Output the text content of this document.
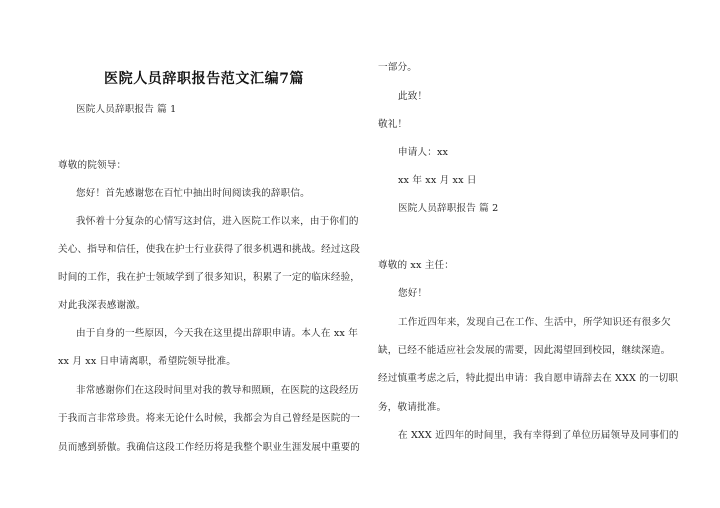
医院人员辞职报告范文汇编7篇
医院人员辞职报告 篇 1
尊敬的院领导：
您好！首先感谢您在百忙中抽出时间阅读我的辞职信。
我怀着十分复杂的心情写这封信，进入医院工作以来，由于你们的
关心、指导和信任，使我在护士行业获得了很多机遇和挑战。经过这段
时间的工作，我在护士领域学到了很多知识，积累了一定的临床经验，
对此我深表感谢激。
由于自身的一些原因，今天我在这里提出辞职申请。本人在 xx 年
xx 月 xx 日申请离职，希望院领导批准。
非常感谢你们在这段时间里对我的教导和照顾，在医院的这段经历
于我而言非常珍贵。将来无论什么时候，我都会为自己曾经是医院的一
员而感到骄傲。我确信这段工作经历将是我整个职业生涯发展中重要的
一部分。
此致！
敬礼！
申请人：xx
xx 年 xx 月 xx 日
医院人员辞职报告 篇 2
尊敬的 xx 主任：
您好！
工作近四年来，发现自己在工作、生活中，所学知识还有很多欠
缺，已经不能适应社会发展的需要，因此渴望回到校园，继续深造。
经过慎重考虑之后，特此提出申请：我自愿申请辞去在 XXX 的一切职
务，敬请批准。
在 XXX 近四年的时间里，我有幸得到了单位历届领导及同事们的
